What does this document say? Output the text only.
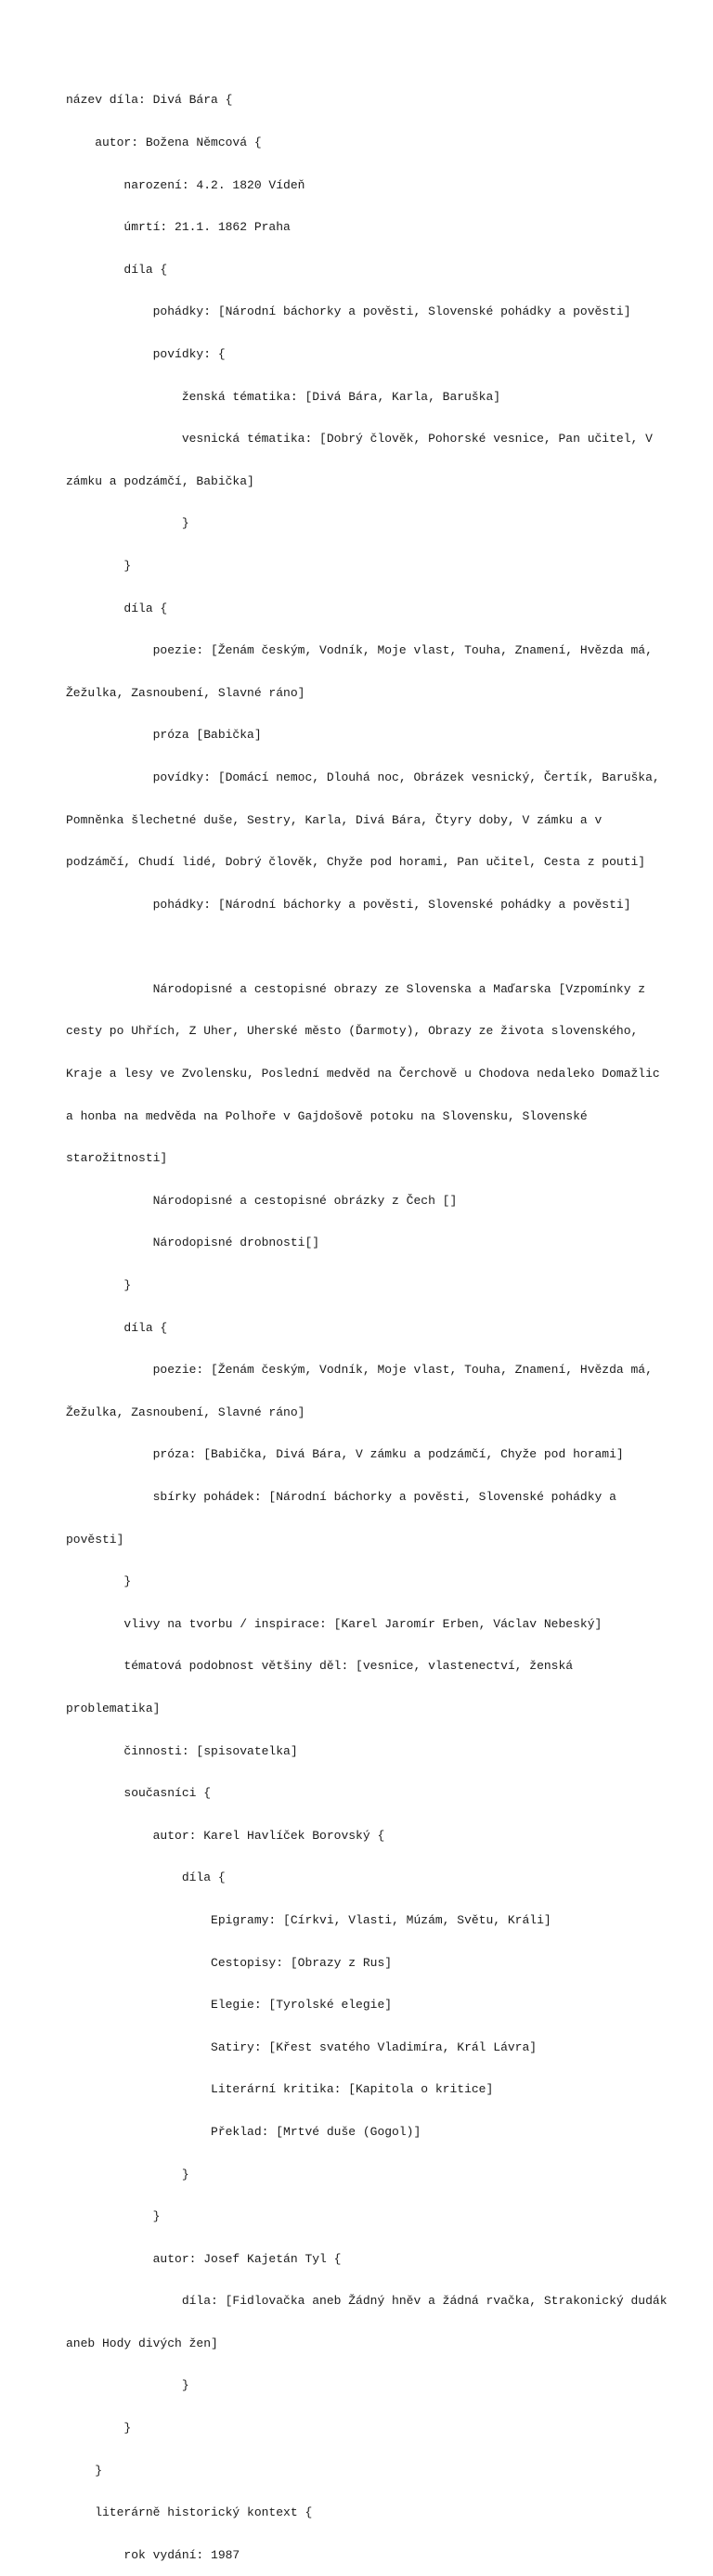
název díla: Divá Bára {

autor: Božena Němcová {

narození: 4.2. 1820 Vídeň

úmrtí: 21.1. 1862 Praha

díla {

pohádky: [Národní báchorky a pověsti, Slovenské pohádky a pověsti]

povídky: {

ženská tématika: [Divá Bára, Karla, Baruška]

vesnická tématika: [Dobrý člověk, Pohorské vesnice, Pan učitel, V

zámku a podzámčí, Babička]

}

}

díla {

poezie: [Ženám českým, Vodník, Moje vlast, Touha, Znamení, Hvězda má,

Žežulka, Zasnoubení, Slavné ráno]

próza [Babička]

povídky: [Domácí nemoc, Dlouhá noc, Obrázek vesnický, Čertík, Baruška,

Pomněnka šlechetné duše, Sestry, Karla, Divá Bára, Čtyry doby, V zámku a v

podzámčí, Chudí lidé, Dobrý člověk, Chyže pod horami, Pan učitel, Cesta z pouti]

pohádky: [Národní báchorky a pověsti, Slovenské pohádky a pověsti]

Národopisné a cestopisné obrazy ze Slovenska a Maďarska [Vzpomínky z

cesty po Uhřích, Z Uher, Uherské město (Ďarmoty), Obrazy ze života slovenského,

Kraje a lesy ve Zvolensku, Poslední medvěd na Čerchově u Chodova nedaleko Domažlic

a honba na medvěda na Polhoře v Gajdošově potoku na Slovensku, Slovenské

starožitnosti]

Národopisné a cestopisné obrázky z Čech []

Národopisné drobnosti[]

}

díla {

poezie: [Ženám českým, Vodník, Moje vlast, Touha, Znamení, Hvězda má,

Žežulka, Zasnoubení, Slavné ráno]

próza: [Babička, Divá Bára, V zámku a podzámčí, Chyže pod horami]

sbírky pohádek: [Národní báchorky a pověsti, Slovenské pohádky a

pověsti]

}

vlivy na tvorbu / inspirace: [Karel Jaromír Erben, Václav Nebeský]

tématová podobnost většiny děl: [vesnice, vlastenectví, ženská

problematika]

činnosti: [spisovatelka]

současníci {

autor: Karel Havlíček Borovský {

díla {

Epigramy: [Církvi, Vlasti, Múzám, Světu, Králi]

Cestopisy: [Obrazy z Rus]

Elegie: [Tyrolské elegie]

Satiry: [Křest svatého Vladimíra, Král Lávra]

Literární kritika: [Kapitola o kritice]

Překlad: [Mrtvé duše (Gogol)]

}

}

autor: Josef Kajetán Tyl {

díla: [Fidlovačka aneb Žádný hněv a žádná rvačka, Strakonický dudák

aneb Hody divých žen]

}

}

}

literárně historický kontext {

rok vydání: 1987
